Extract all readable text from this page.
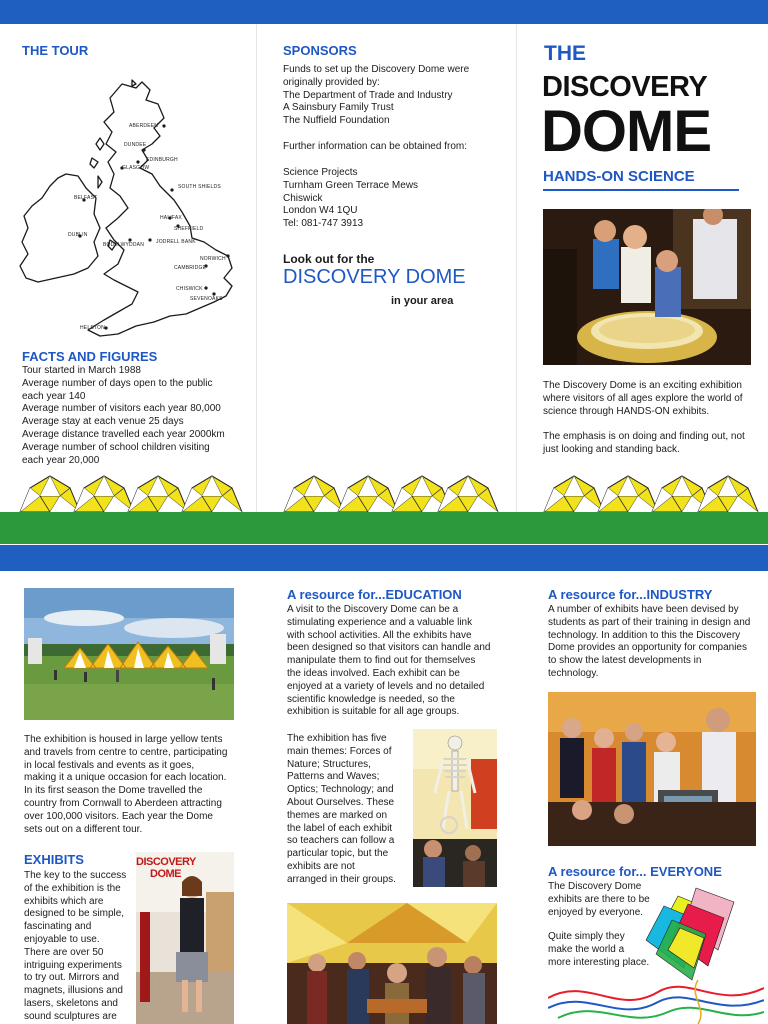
THE TOUR
ABERDEEN
DUNDEE
EDINBURGH
GLASGOW
SOUTH SHIELDS
BELFAST
HALIFAX
SHEFFIELD
DUBLIN
BODELWYDDAN JODRELL BANK
NORWICH
CAMBRIDGE
CHISWICK
SEVENOAKS
HELSTON
FACTS AND FIGURES
Tour started in March 1988
Average number of days open to the public
each year 140
Average number of visitors each year 80,000
Average stay at each venue 25 days
Average distance travelled each year 2000km
Average number of school children visiting
each year 20,000
SPONSORS
Funds to set up the Discovery Dome were
originally provided by:
The Department of Trade and Industry
A Sainsbury Family Trust
The Nuffield Foundation
Further information can be obtained from:
Science Projects
Turnham Green Terrace Mews
Chiswick
London W4 1QU
Tel: 081-747 3913
Look out for the
DISCOVERY DOME
in your area
THE
DISCOVERY
DOME
HANDS-ON SCIENCE
The Discovery Dome is an exciting exhibition
where visitors of all ages explore the world of
science through HANDS-ON exhibits.
The emphasis is on doing and finding out, not
just looking and standing back.
The exhibition is housed in large yellow tents
and travels from centre to centre, participating
in local festivals and events as it goes,
making it a unique occasion for each location.
In its first season the Dome travelled the
country from Cornwall to Aberdeen attracting
over 100,000 visitors. Each year the Dome
sets out on a different tour.
EXHIBITS
The key to the success
of the exhibition is the
exhibits which are
designed to be simple,
fascinating and
enjoyable to use.
There are over 50
intriguing experiments
to try out. Mirrors and
magnets, illusions and
lasers, skeletons and
sound sculptures are
DISCOVERY
DOME
A resource for...EDUCATION
A visit to the Discovery Dome can be a
stimulating experience and a valuable link
with school activities. All the exhibits have
been designed so that visitors can handle and
manipulate them to find out for themselves
the ideas involved. Each exhibit can be
enjoyed at a variety of levels and no detailed
scientific knowledge is needed, so the
exhibition is suitable for all age groups.
The exhibition has five
main themes: Forces of
Nature; Structures,
Patterns and Waves;
Optics; Technology; and
About Ourselves. These
themes are marked on
the label of each exhibit
so teachers can follow a
particular topic, but the
exhibits are not
arranged in their groups.
A resource for...INDUSTRY
A number of exhibits have been devised by
students as part of their training in design and
technology. In addition to this the Discovery
Dome provides an opportunity for companies
to show the latest developments in
technology.
A resource for... EVERYONE
The Discovery Dome
exhibits are there to be
enjoyed by everyone.
Quite simply they
make the world a
more interesting place.
